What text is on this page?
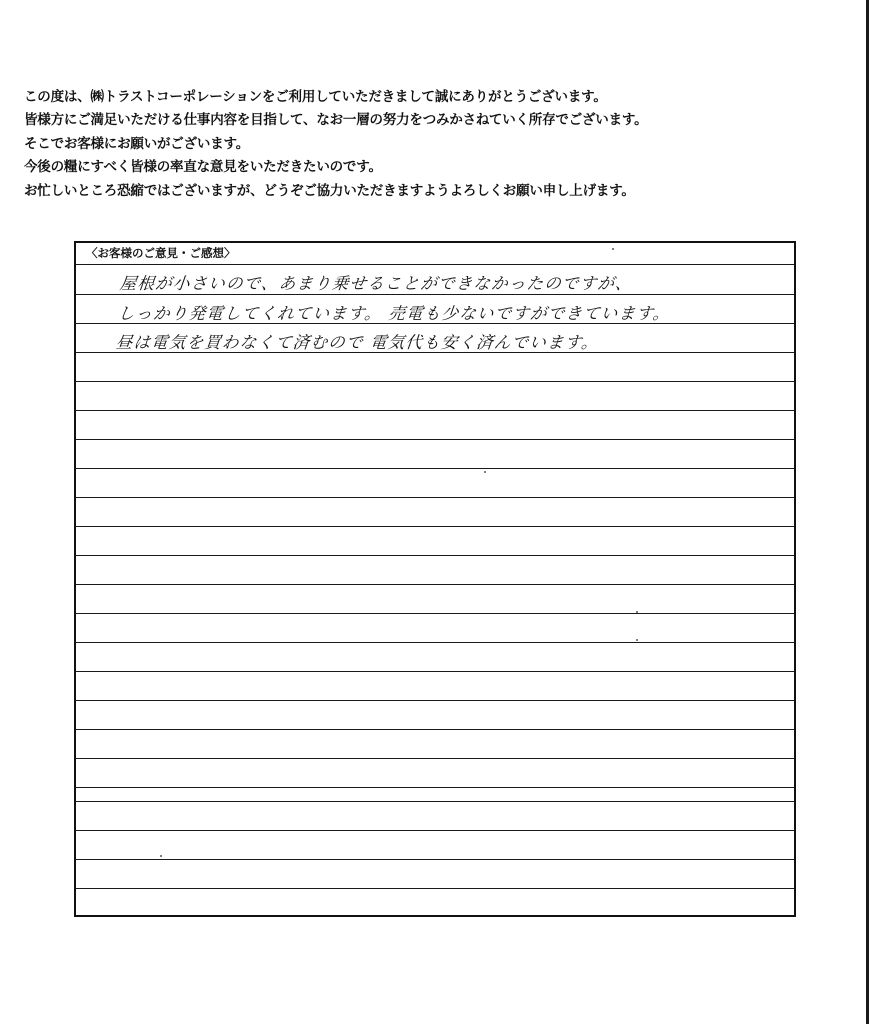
この度は、㈱トラストコーポレーションをご利用していただきまして誠にありがとうございます。
皆様方にご満足いただける仕事内容を目指して、なお一層の努力をつみかさねていく所存でございます。
そこでお客様にお願いがございます。
今後の糧にすべく皆様の率直な意見をいただきたいのです。
お忙しいところ恐縮ではございますが、どうぞご協力いただきますようよろしくお願い申し上げます。
〈お客様のご意見・ご感想〉
屋根が小さいので、あまり乗せることができなかったのですが、
しっかり発電してくれています。 売電も少ないですができています。
昼は電気を買わなくて済むので 電気代も安く済んでいます。
